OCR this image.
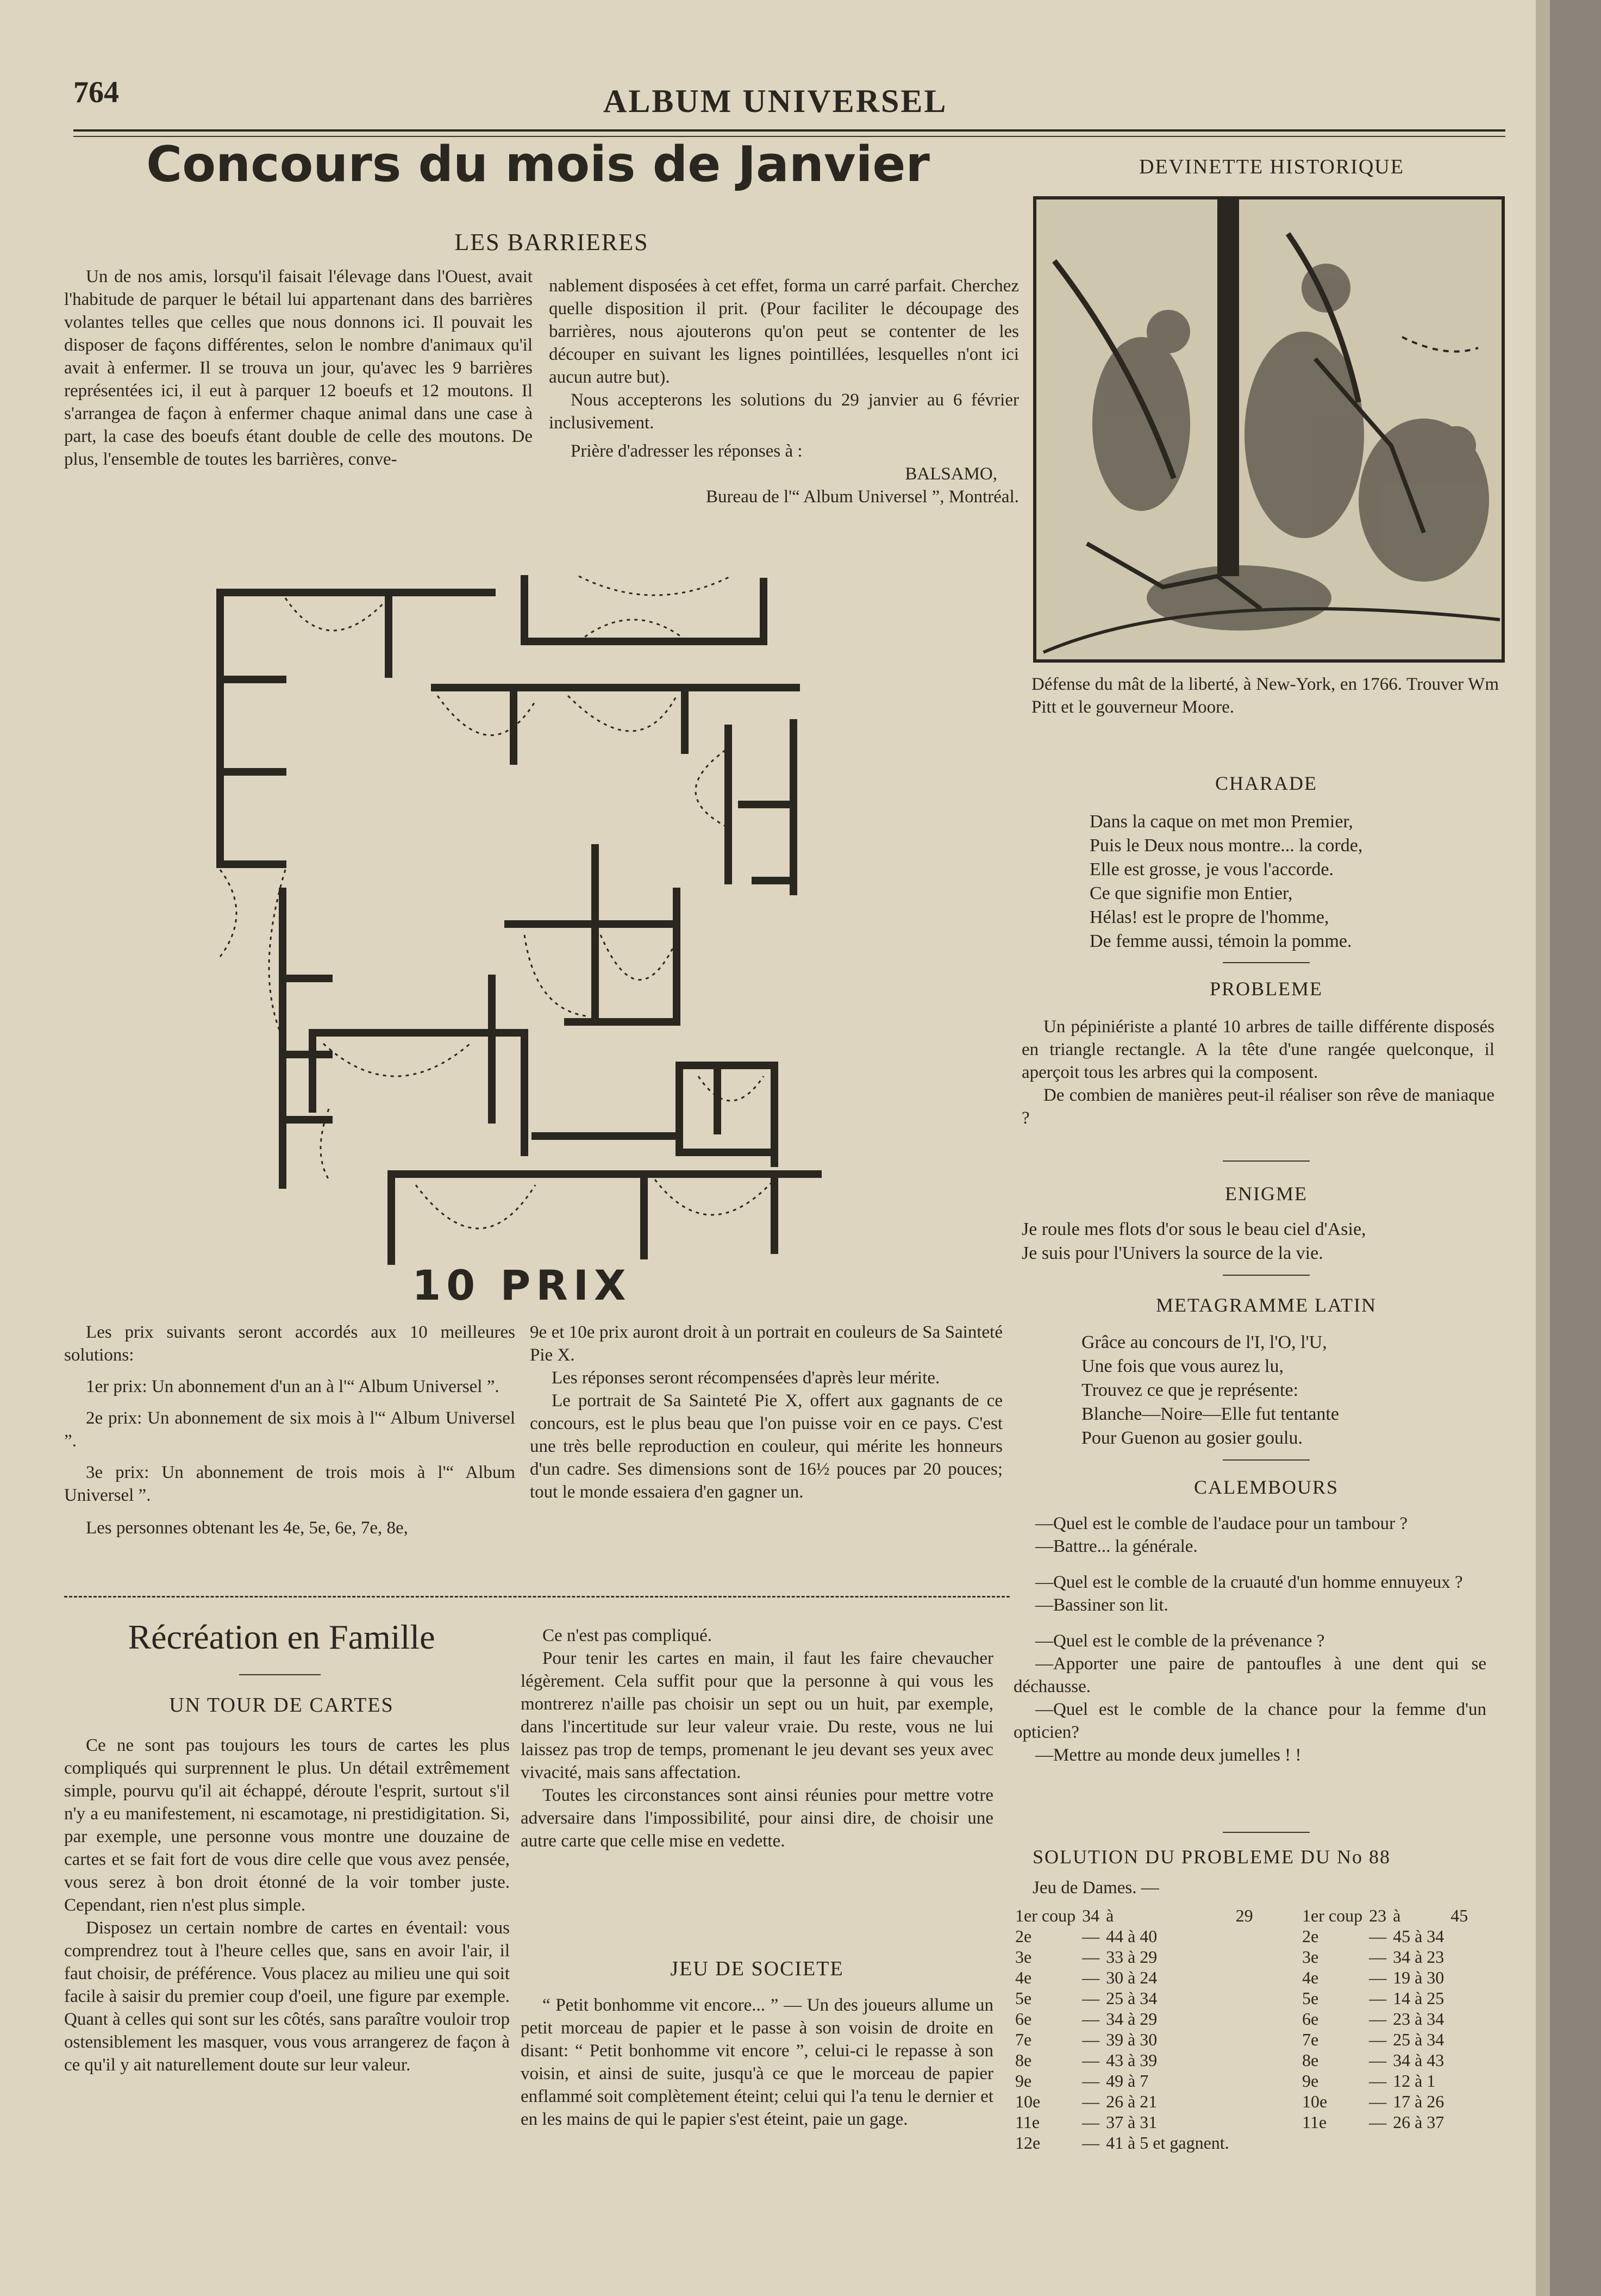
764	ALBUM UNIVERSEL
Concours du mois de Janvier
LES BARRIERES

Un de nos amis, lorsqu'il faisait l'élevage dans l'Ouest, avait l'habitude de parquer le bétail lui appartenant dans des barrières volantes telles que celles que nous donnons ici. Il pouvait les disposer de façons différentes, selon le nombre d'animaux qu'il avait à enfermer. Il se trouva un jour, qu'avec les 9 barrières représentées ici, il eut à parquer 12 boeufs et 12 moutons. Il s'arrangea de façon à enfermer chaque animal dans une case à part, la case des boeufs étant double de celle des moutons. De plus, l'ensemble de toutes les barrières, conve-

nablement disposées à cet effet, forma un carré parfait. Cherchez quelle disposition il prit. (Pour faciliter le découpage des barrières, nous ajouterons qu'on peut se contenter de les découper en suivant les lignes pointillées, lesquelles n'ont ici aucun autre but).

Nous accepterons les solutions du 29 janvier au 6 février inclusivement.

Prière d'adresser les réponses à :

BALSAMO,
Bureau de l'“ Album Universel ”, Montréal.
10 PRIX

Les prix suivants seront accordés aux 10 meilleures solutions:

1er prix: Un abonnement d'un an à l'“ Album Universel ”.

2e prix: Un abonnement de six mois à l'“ Album Universel ”.

3e prix: Un abonnement de trois mois à l'“ Album Universel ”.

Les personnes obtenant les 4e, 5e, 6e, 7e, 8e,

9e et 10e prix auront droit à un portrait en couleurs de Sa Sainteté Pie X.

Les réponses seront récompensées d'après leur mérite.

Le portrait de Sa Sainteté Pie X, offert aux gagnants de ce concours, est le plus beau que l'on puisse voir en ce pays. C'est une très belle reproduction en couleur, qui mérite les honneurs d'un cadre. Ses dimensions sont de 16½ pouces par 20 pouces; tout le monde essaiera d'en gagner un.

DEVINETTE HISTORIQUE
Défense du mât de la liberté, à New-York, en 1766. Trouver Wm Pitt et le gouverneur Moore.
CHARADE
Dans la caque on met mon Premier,
Puis le Deux nous montre... la corde,
Elle est grosse, je vous l'accorde.
Ce que signifie mon Entier,
Hélas! est le propre de l'homme,
De femme aussi, témoin la pomme.
PROBLEME

Un pépiniériste a planté 10 arbres de taille différente disposés en triangle rectangle. A la tête d'une rangée quelconque, il aperçoit tous les arbres qui la composent.

De combien de manières peut-il réaliser son rêve de maniaque ?

ENIGME
Je roule mes flots d'or sous le beau ciel d'Asie,
Je suis pour l'Univers la source de la vie.
METAGRAMME LATIN
Grâce au concours de l'I, l'O, l'U,
Une fois que vous aurez lu,
Trouvez ce que je représente:
Blanche—Noire—Elle fut tentante
Pour Guenon au gosier goulu.
CALEMBOURS

—Quel est le comble de l'audace pour un tambour ?

—Battre... la générale.

—Quel est le comble de la cruauté d'un homme ennuyeux ?

—Bassiner son lit.

—Quel est le comble de la prévenance ?

—Apporter une paire de pantoufles à une dent qui se déchausse.

—Quel est le comble de la chance pour la femme d'un opticien?

—Mettre au monde deux jumelles ! !

SOLUTION DU PROBLEME DU No 88
Jeu de Dames. —
1er coup	34	à	29
2e	—	44 à 40	
3e	—	33 à 29	
4e	—	30 à 24	
5e	—	25 à 34	
6e	—	34 à 29	
7e	—	39 à 30	
8e	—	43 à 39	
9e	—	49 à 7	
10e	—	26 à 21	
11e	—	37 à 31	
12e	—	41 à 5 et gagnent.	
1er coup	23	à	45
2e	—	45 à 34	
3e	—	34 à 23	
4e	—	19 à 30	
5e	—	14 à 25	
6e	—	23 à 34	
7e	—	25 à 34	
8e	—	34 à 43	
9e	—	12 à 1	
10e	—	17 à 26	
11e	—	26 à 37	
Récréation en Famille
UN TOUR DE CARTES

Ce ne sont pas toujours les tours de cartes les plus compliqués qui surprennent le plus. Un détail extrêmement simple, pourvu qu'il ait échappé, déroute l'esprit, surtout s'il n'y a eu manifestement, ni escamotage, ni prestidigitation. Si, par exemple, une personne vous montre une douzaine de cartes et se fait fort de vous dire celle que vous avez pensée, vous serez à bon droit étonné de la voir tomber juste. Cependant, rien n'est plus simple.

Disposez un certain nombre de cartes en éventail: vous comprendrez tout à l'heure celles que, sans en avoir l'air, il faut choisir, de préférence. Vous placez au milieu une qui soit facile à saisir du premier coup d'oeil, une figure par exemple. Quant à celles qui sont sur les côtés, sans paraître vouloir trop ostensiblement les masquer, vous vous arrangerez de façon à ce qu'il y ait naturellement doute sur leur valeur.

Ce n'est pas compliqué.

Pour tenir les cartes en main, il faut les faire chevaucher légèrement. Cela suffit pour que la personne à qui vous les montrerez n'aille pas choisir un sept ou un huit, par exemple, dans l'incertitude sur leur valeur vraie. Du reste, vous ne lui laissez pas trop de temps, promenant le jeu devant ses yeux avec vivacité, mais sans affectation.

Toutes les circonstances sont ainsi réunies pour mettre votre adversaire dans l'impossibilité, pour ainsi dire, de choisir une autre carte que celle mise en vedette.

JEU DE SOCIETE

“ Petit bonhomme vit encore... ” — Un des joueurs allume un petit morceau de papier et le passe à son voisin de droite en disant: “ Petit bonhomme vit encore ”, celui-ci le repasse à son voisin, et ainsi de suite, jusqu'à ce que le morceau de papier enflammé soit complètement éteint; celui qui l'a tenu le dernier et en les mains de qui le papier s'est éteint, paie un gage.
